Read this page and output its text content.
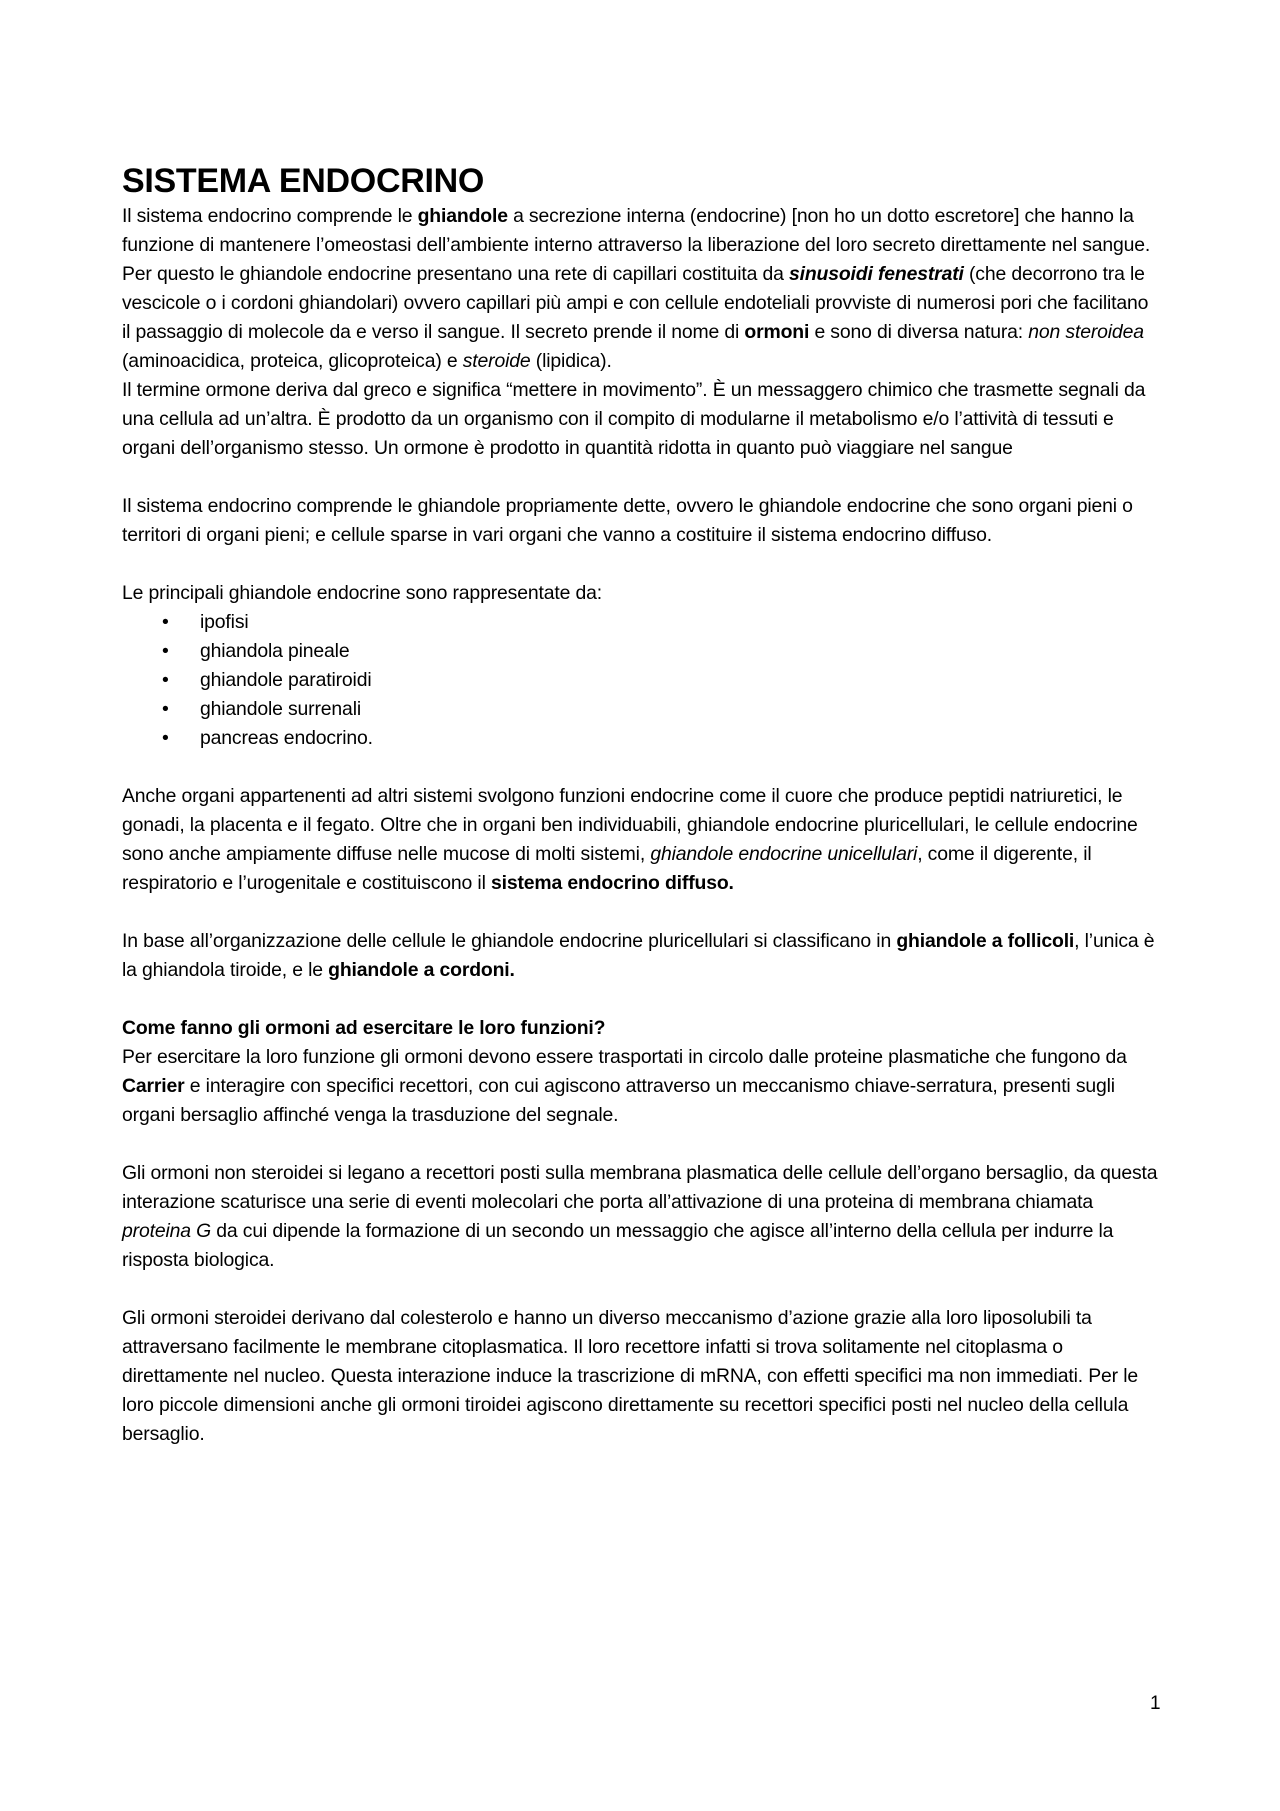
SISTEMA ENDOCRINO

Il sistema endocrino comprende le ghiandole a secrezione interna (endocrine) [non ho un dotto escretore] che hanno la funzione di mantenere l’omeostasi dell’ambiente interno attraverso la liberazione del loro secreto direttamente nel sangue. Per questo le ghiandole endocrine presentano una rete di capillari costituita da sinusoidi fenestrati (che decorrono tra le vescicole o i cordoni ghiandolari) ovvero capillari più ampi e con cellule endoteliali provviste di numerosi pori che facilitano il passaggio di molecole da e verso il sangue. Il secreto prende il nome di ormoni e sono di diversa natura: non steroidea (aminoacidica, proteica, glicoproteica) e steroide (lipidica).

Il termine ormone deriva dal greco e significa “mettere in movimento”. È un messaggero chimico che trasmette segnali da una cellula ad un’altra. È prodotto da un organismo con il compito di modularne il metabolismo e/o l’attività di tessuti e organi dell’organismo stesso. Un ormone è prodotto in quantità ridotta in quanto può viaggiare nel sangue

Il sistema endocrino comprende le ghiandole propriamente dette, ovvero le ghiandole endocrine che sono organi pieni o territori di organi pieni; e cellule sparse in vari organi che vanno a costituire il sistema endocrino diffuso.

Le principali ghiandole endocrine sono rappresentate da:

• ipofisi
• ghiandola pineale
• ghiandole paratiroidi
• ghiandole surrenali
• pancreas endocrino.

Anche organi appartenenti ad altri sistemi svolgono funzioni endocrine come il cuore che produce peptidi natriuretici, le gonadi, la placenta e il fegato. Oltre che in organi ben individuabili, ghiandole endocrine pluricellulari, le cellule endocrine sono anche ampiamente diffuse nelle mucose di molti sistemi, ghiandole endocrine unicellulari, come il digerente, il respiratorio e l’urogenitale e costituiscono il sistema endocrino diffuso.

In base all’organizzazione delle cellule le ghiandole endocrine pluricellulari si classificano in ghiandole a follicoli, l’unica è la ghiandola tiroide, e le ghiandole a cordoni.

Come fanno gli ormoni ad esercitare le loro funzioni?

Per esercitare la loro funzione gli ormoni devono essere trasportati in circolo dalle proteine plasmatiche che fungono da Carrier e interagire con specifici recettori, con cui agiscono attraverso un meccanismo chiave-serratura, presenti sugli organi bersaglio affinché venga la trasduzione del segnale.

Gli ormoni non steroidei si legano a recettori posti sulla membrana plasmatica delle cellule dell’organo bersaglio, da questa interazione scaturisce una serie di eventi molecolari che porta all’attivazione di una proteina di membrana chiamata proteina G da cui dipende la formazione di un secondo un messaggio che agisce all’interno della cellula per indurre la risposta biologica.

Gli ormoni steroidei derivano dal colesterolo e hanno un diverso meccanismo d’azione grazie alla loro liposolubili ta attraversano facilmente le membrane citoplasmatica. Il loro recettore infatti si trova solitamente nel citoplasma o direttamente nel nucleo. Questa interazione induce la trascrizione di mRNA, con effetti specifici ma non immediati. Per le loro piccole dimensioni anche gli ormoni tiroidei agiscono direttamente su recettori specifici posti nel nucleo della cellula bersaglio.

1
